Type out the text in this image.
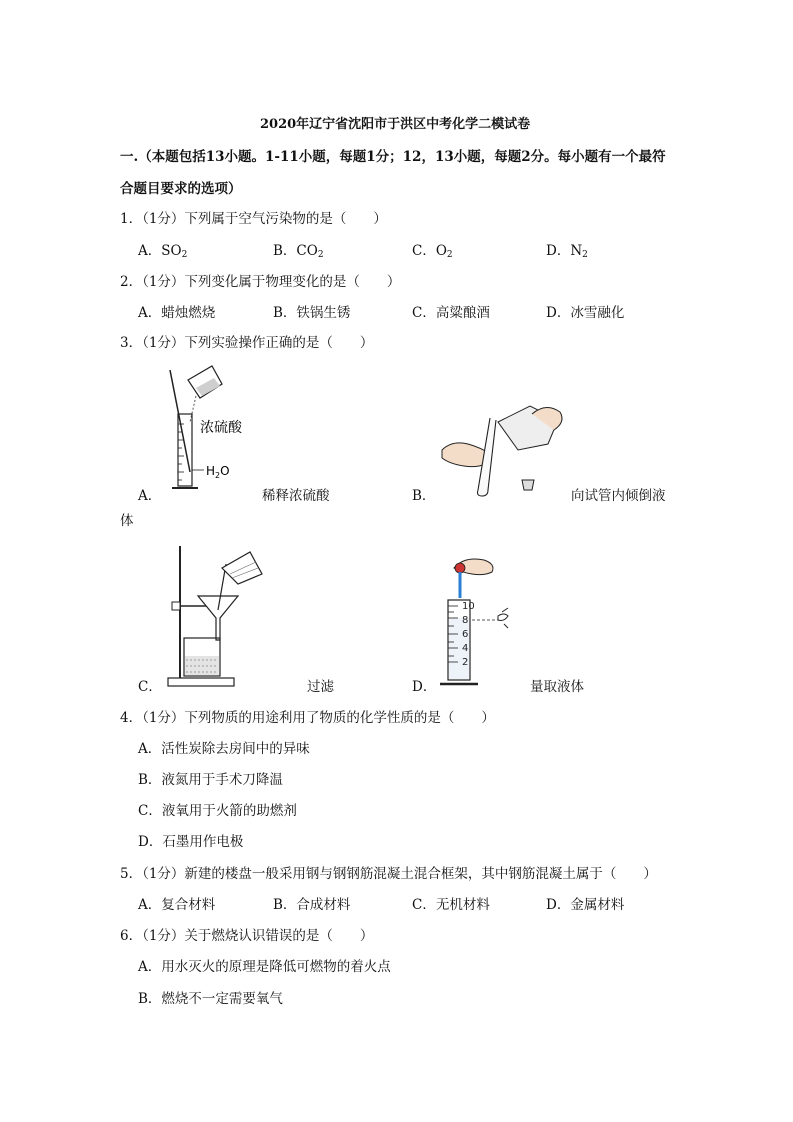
2020年辽宁省沈阳市于洪区中考化学二模试卷
一.（本题包括13小题。1-11小题，每题1分；12，13小题，每题2分。每小题有一个最符
合题目要求的选项）
1．（1分）下列属于空气污染物的是（　　）
A．$SO_2$	B．$CO_2$	C．$O_2$	D．$N_2$
2．（1分）下列变化属于物理变化的是（　　）
A．蜡烛燃烧	B．铁锅生锈	C．高粱酿酒	D．冰雪融化
3．（1分）下列实验操作正确的是（　　）
浓硫酸
$H_2O$
A．	稀释浓硫酸	B．	向试管内倾倒液
体
C．	过滤
10
8
6
4
2
D．	量取液体
4．（1分）下列物质的用途利用了物质的化学性质的是（　　）
A．活性炭除去房间中的异味
B．液氮用于手术刀降温
C．液氧用于火箭的助燃剂
D．石墨用作电极
5．（1分）新建的楼盘一般采用钢与钢钢筋混凝土混合框架，其中钢筋混凝土属于（　　）
A．复合材料	B．合成材料	C．无机材料	D．金属材料
6．（1分）关于燃烧认识错误的是（　　）
A．用水灭火的原理是降低可燃物的着火点
B．燃烧不一定需要氧气
